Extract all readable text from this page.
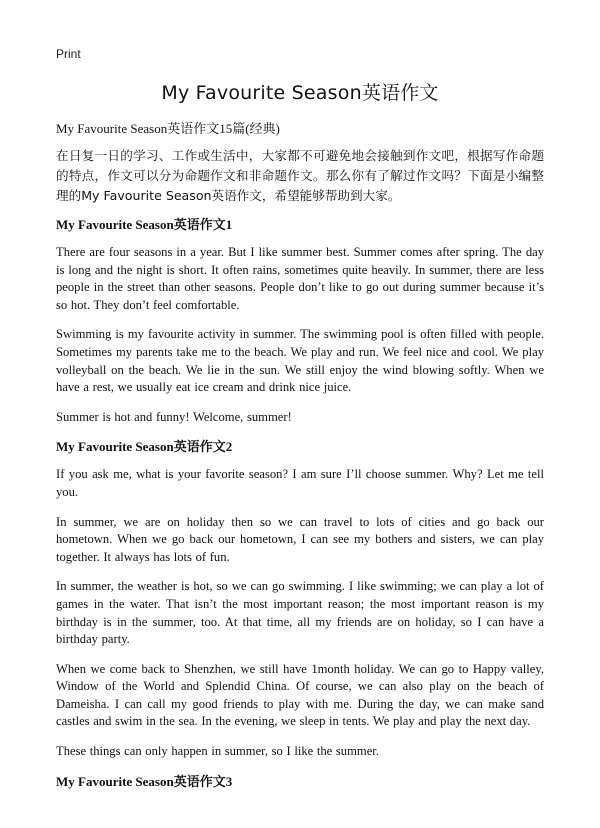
Print
My Favourite Season英语作文

My Favourite Season英语作文15篇(经典)

在日复一日的学习、工作或生活中，大家都不可避免地会接触到作文吧，根据写作命题的特点，作文可以分为命题作文和非命题作文。那么你有了解过作文吗？下面是小编整理的My Favourite Season英语作文，希望能够帮助到大家。

My Favourite Season英语作文1

There are four seasons in a year. But I like summer best. Summer comes after spring. The day is long and the night is short. It often rains, sometimes quite heavily. In summer, there are less people in the street than other seasons. People don’t like to go out during summer because it’s so hot. They don’t feel comfortable.

Swimming is my favourite activity in summer. The swimming pool is often filled with people. Sometimes my parents take me to the beach. We play and run. We feel nice and cool. We play volleyball on the beach. We lie in the sun. We still enjoy the wind blowing softly. When we have a rest, we usually eat ice cream and drink nice juice.

Summer is hot and funny! Welcome, summer!

My Favourite Season英语作文2

If you ask me, what is your favorite season? I am sure I’ll choose summer. Why? Let me tell you.

In summer, we are on holiday then so we can travel to lots of cities and go back our hometown. When we go back our hometown, I can see my bothers and sisters, we can play together. It always has lots of fun.

In summer, the weather is hot, so we can go swimming. I like swimming; we can play a lot of games in the water. That isn’t the most important reason; the most important reason is my birthday is in the summer, too. At that time, all my friends are on holiday, so I can have a birthday party.

When we come back to Shenzhen, we still have 1month holiday. We can go to Happy valley, Window of the World and Splendid China. Of course, we can also play on the beach of Dameisha. I can call my good friends to play with me. During the day, we can make sand castles and swim in the sea. In the evening, we sleep in tents. We play and play the next day.

These things can only happen in summer, so I like the summer.

My Favourite Season英语作文3
